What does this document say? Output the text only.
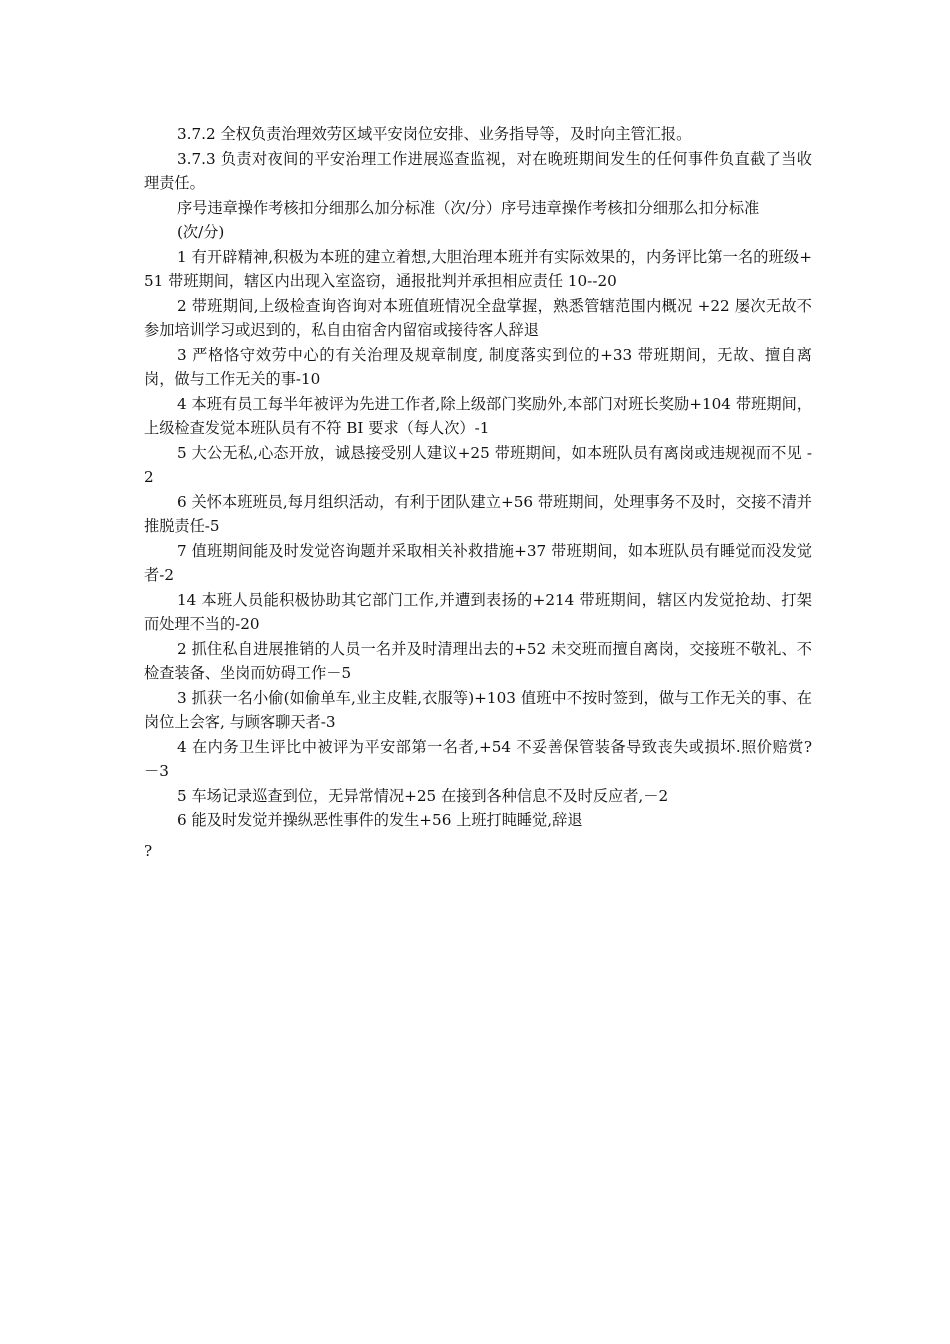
3.7.2 全权负责治理效劳区域平安岗位安排、业务指导等，及时向主管汇报。

3.7.3 负责对夜间的平安治理工作进展巡查监视，对在晚班期间发生的任何事件负直截了当收理责任。

序号违章操作考核扣分细那么加分标准（次/分）序号违章操作考核扣分细那么扣分标准

(次/分)

1 有开辟精神,积极为本班的建立着想,大胆治理本班并有实际效果的，内务评比第一名的班级+51 带班期间，辖区内出现入室盗窃，通报批判并承担相应责任 10--20

2 带班期间,上级检查询咨询对本班值班情况全盘掌握，熟悉管辖范围内概况 +22 屡次无故不参加培训学习或迟到的，私自由宿舍内留宿或接待客人辞退

3 严格恪守效劳中心的有关治理及规章制度, 制度落实到位的+33 带班期间，无故、擅自离岗，做与工作无关的事-10

4 本班有员工每半年被评为先进工作者,除上级部门奖励外,本部门对班长奖励+104 带班期间，上级检查发觉本班队员有不符 BI 要求（每人次）-1

5 大公无私,心态开放，诚恳接受别人建议+25 带班期间，如本班队员有离岗或违规视而不见 -2

6 关怀本班班员,每月组织活动，有利于团队建立+56 带班期间，处理事务不及时，交接不清并推脱责任-5

7 值班期间能及时发觉咨询题并采取相关补救措施+37 带班期间，如本班队员有睡觉而没发觉者-2

14 本班人员能积极协助其它部门工作,并遭到表扬的+214 带班期间，辖区内发觉抢劫、打架而处理不当的-20

2 抓住私自进展推销的人员一名并及时清理出去的+52 未交班而擅自离岗，交接班不敬礼、不检查装备、坐岗而妨碍工作－5

3 抓获一名小偷(如偷单车,业主皮鞋,衣服等)+103 值班中不按时签到，做与工作无关的事、在岗位上会客, 与顾客聊天者-3

4 在内务卫生评比中被评为平安部第一名者,+54 不妥善保管装备导致丧失或损坏.照价赔赏? －3

5 车场记录巡查到位，无异常情况+25 在接到各种信息不及时反应者,－2

6 能及时发觉并操纵恶性事件的发生+56 上班打盹睡觉,辞退

?
